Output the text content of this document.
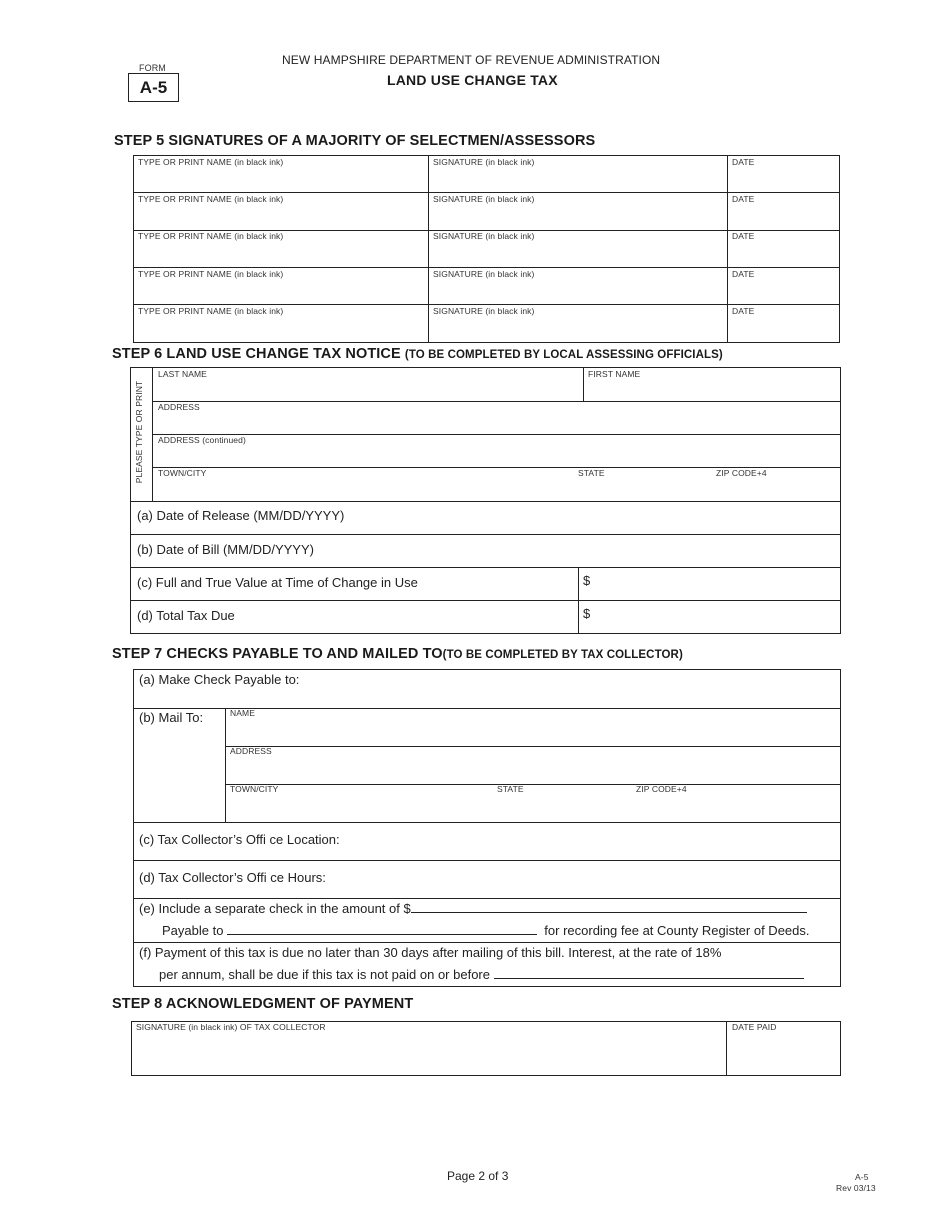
FORM
A-5
NEW HAMPSHIRE DEPARTMENT OF REVENUE ADMINISTRATION
LAND USE CHANGE TAX
STEP 5 SIGNATURES OF A MAJORITY OF SELECTMEN/ASSESSORS
TYPE OR PRINT NAME (in black ink)	SIGNATURE (in black ink)	DATE
TYPE OR PRINT NAME (in black ink)	SIGNATURE (in black ink)	DATE
TYPE OR PRINT NAME (in black ink)	SIGNATURE (in black ink)	DATE
TYPE OR PRINT NAME (in black ink)	SIGNATURE (in black ink)	DATE
TYPE OR PRINT NAME (in black ink)	SIGNATURE (in black ink)	DATE
STEP 6 LAND USE CHANGE TAX NOTICE (TO BE COMPLETED BY LOCAL ASSESSING OFFICIALS)
PLEASE TYPE OR PRINT
LAST NAME	FIRST NAME
ADDRESS
ADDRESS (continued)
TOWN/CITY	STATE	ZIP CODE+4
(a) Date of Release (MM/DD/YYYY)
(b) Date of Bill (MM/DD/YYYY)
(c) Full and True Value at Time of Change in Use	$
(d) Total Tax Due	$
STEP 7 CHECKS PAYABLE TO AND MAILED TO(TO BE COMPLETED BY TAX COLLECTOR)
(a) Make Check Payable to:
(b) Mail To:	NAME
ADDRESS
TOWN/CITY	STATE	ZIP CODE+4
(c) Tax Collector’s Offi ce Location:
(d) Tax Collector’s Offi ce Hours:
(e) Include a separate check in the amount of $
Payable to	for recording fee at County Register of Deeds.
(f) Payment of this tax is due no later than 30 days after mailing of this bill. Interest, at the rate of 18%
per annum, shall be due if this tax is not paid on or before
STEP 8 ACKNOWLEDGMENT OF PAYMENT
SIGNATURE (in black ink) OF TAX COLLECTOR	DATE PAID
Page 2 of 3	A-5
Rev 03/13
